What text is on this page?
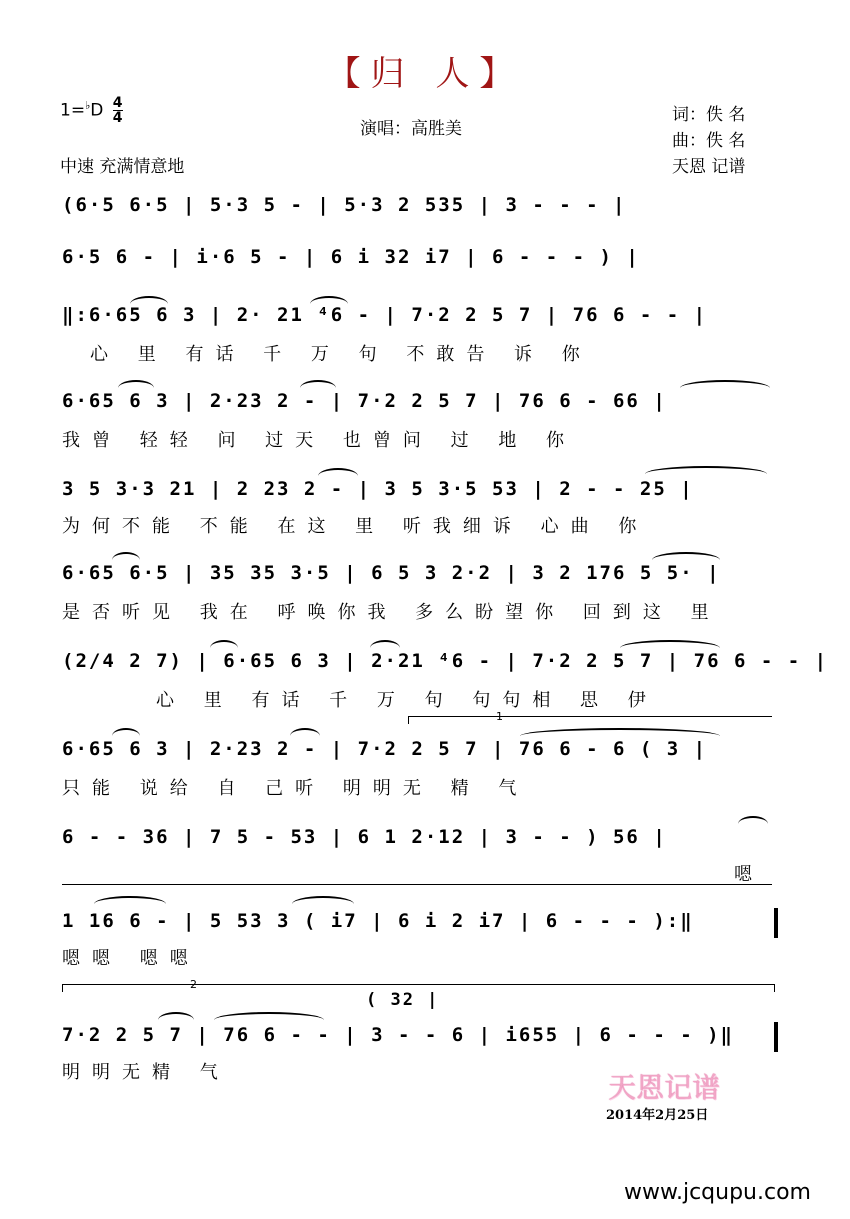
【归 人】
$1=^♭D \frac{4}{4}$
演唱：高胜美
词：佚 名
曲：佚 名
天恩 记谱
中速 充满情意地
(6·5 6·5 | 5·3 5 - | 5·3 2 535 | 3 - - - |
6·5 6 - | i·6 5 - | 6 i 32 i7 | 6 - - - ) |
‖:6·65 6 3 | 2· 21 ⁴6 - | 7·2 2 5 7 | 76 6 - - |
心 里 有话 千 万 句 不敢告 诉 你
6·65 6 3 | 2·23 2 - | 7·2 2 5 7 | 76 6 - 66 |
我曾 轻轻 问 过天 也曾问 过 地 你
3 5 3·3 21 | 2 23 2 - | 3 5 3·5 53 | 2 - - 25 |
为何不能 不能 在这 里 听我细诉 心曲 你
6·65 6·5 | 35 35 3·5 | 6 5 3 2·2 | 3 2 176 5 5· |
是否听见 我在 呼唤你我 多么盼望你 回到这 里
(2/4 2 7) | 6·65 6 3 | 2·21 ⁴6 - | 7·2 2 5 7 | 76 6 - - |
心 里 有话 千 万 句 句句相 思 伊
1
6·65 6 3 | 2·23 2 - | 7·2 2 5 7 | 76 6 - 6 ( 3 |
只能 说给 自 己听 明明无 精 气
6 - - 36 | 7 5 - 53 | 6 1 2·12 | 3 - - ) 56 |
嗯
1 16 6 - | 5 53 3 ( i7 | 6 i 2 i7 | 6 - - - ):‖
嗯嗯 嗯嗯
2
( 32 |
7·2 2 5 7 | 76 6 - - | 3 - - 6 | i655 | 6 - - - )‖
明明无精 气	天恩记谱
2014年2月25日
www.jcqupu.com
